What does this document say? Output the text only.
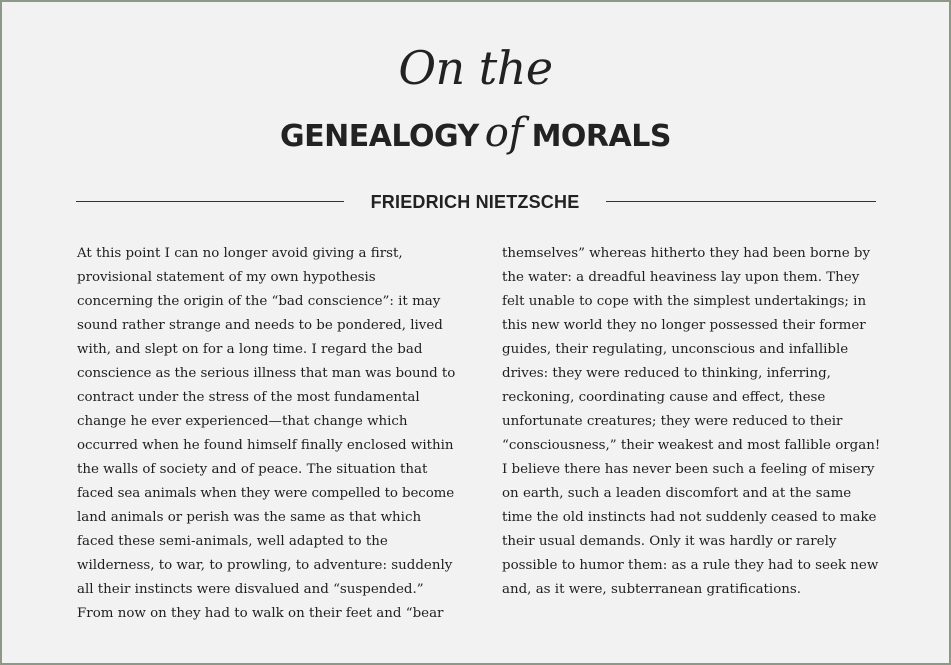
On the
GENEALOGY of MORALS
FRIEDRICH NIETZSCHE
At this point I can no longer avoid giving a first,
provisional statement of my own hypothesis
concerning the origin of the “bad conscience”: it may
sound rather strange and needs to be pondered, lived
with, and slept on for a long time. I regard the bad
conscience as the serious illness that man was bound to
contract under the stress of the most fundamental
change he ever experienced—that change which
occurred when he found himself finally enclosed within
the walls of society and of peace. The situation that
faced sea animals when they were compelled to become
land animals or perish was the same as that which
faced these semi-animals, well adapted to the
wilderness, to war, to prowling, to adventure: suddenly
all their instincts were disvalued and “suspended.”
From now on they had to walk on their feet and “bear
themselves” whereas hitherto they had been borne by
the water: a dreadful heaviness lay upon them. They
felt unable to cope with the simplest undertakings; in
this new world they no longer possessed their former
guides, their regulating, unconscious and infallible
drives: they were reduced to thinking, inferring,
reckoning, coordinating cause and effect, these
unfortunate creatures; they were reduced to their
“consciousness,” their weakest and most fallible organ!
I believe there has never been such a feeling of misery
on earth, such a leaden discomfort and at the same
time the old instincts had not suddenly ceased to make
their usual demands. Only it was hardly or rarely
possible to humor them: as a rule they had to seek new
and, as it were, subterranean gratifications.
